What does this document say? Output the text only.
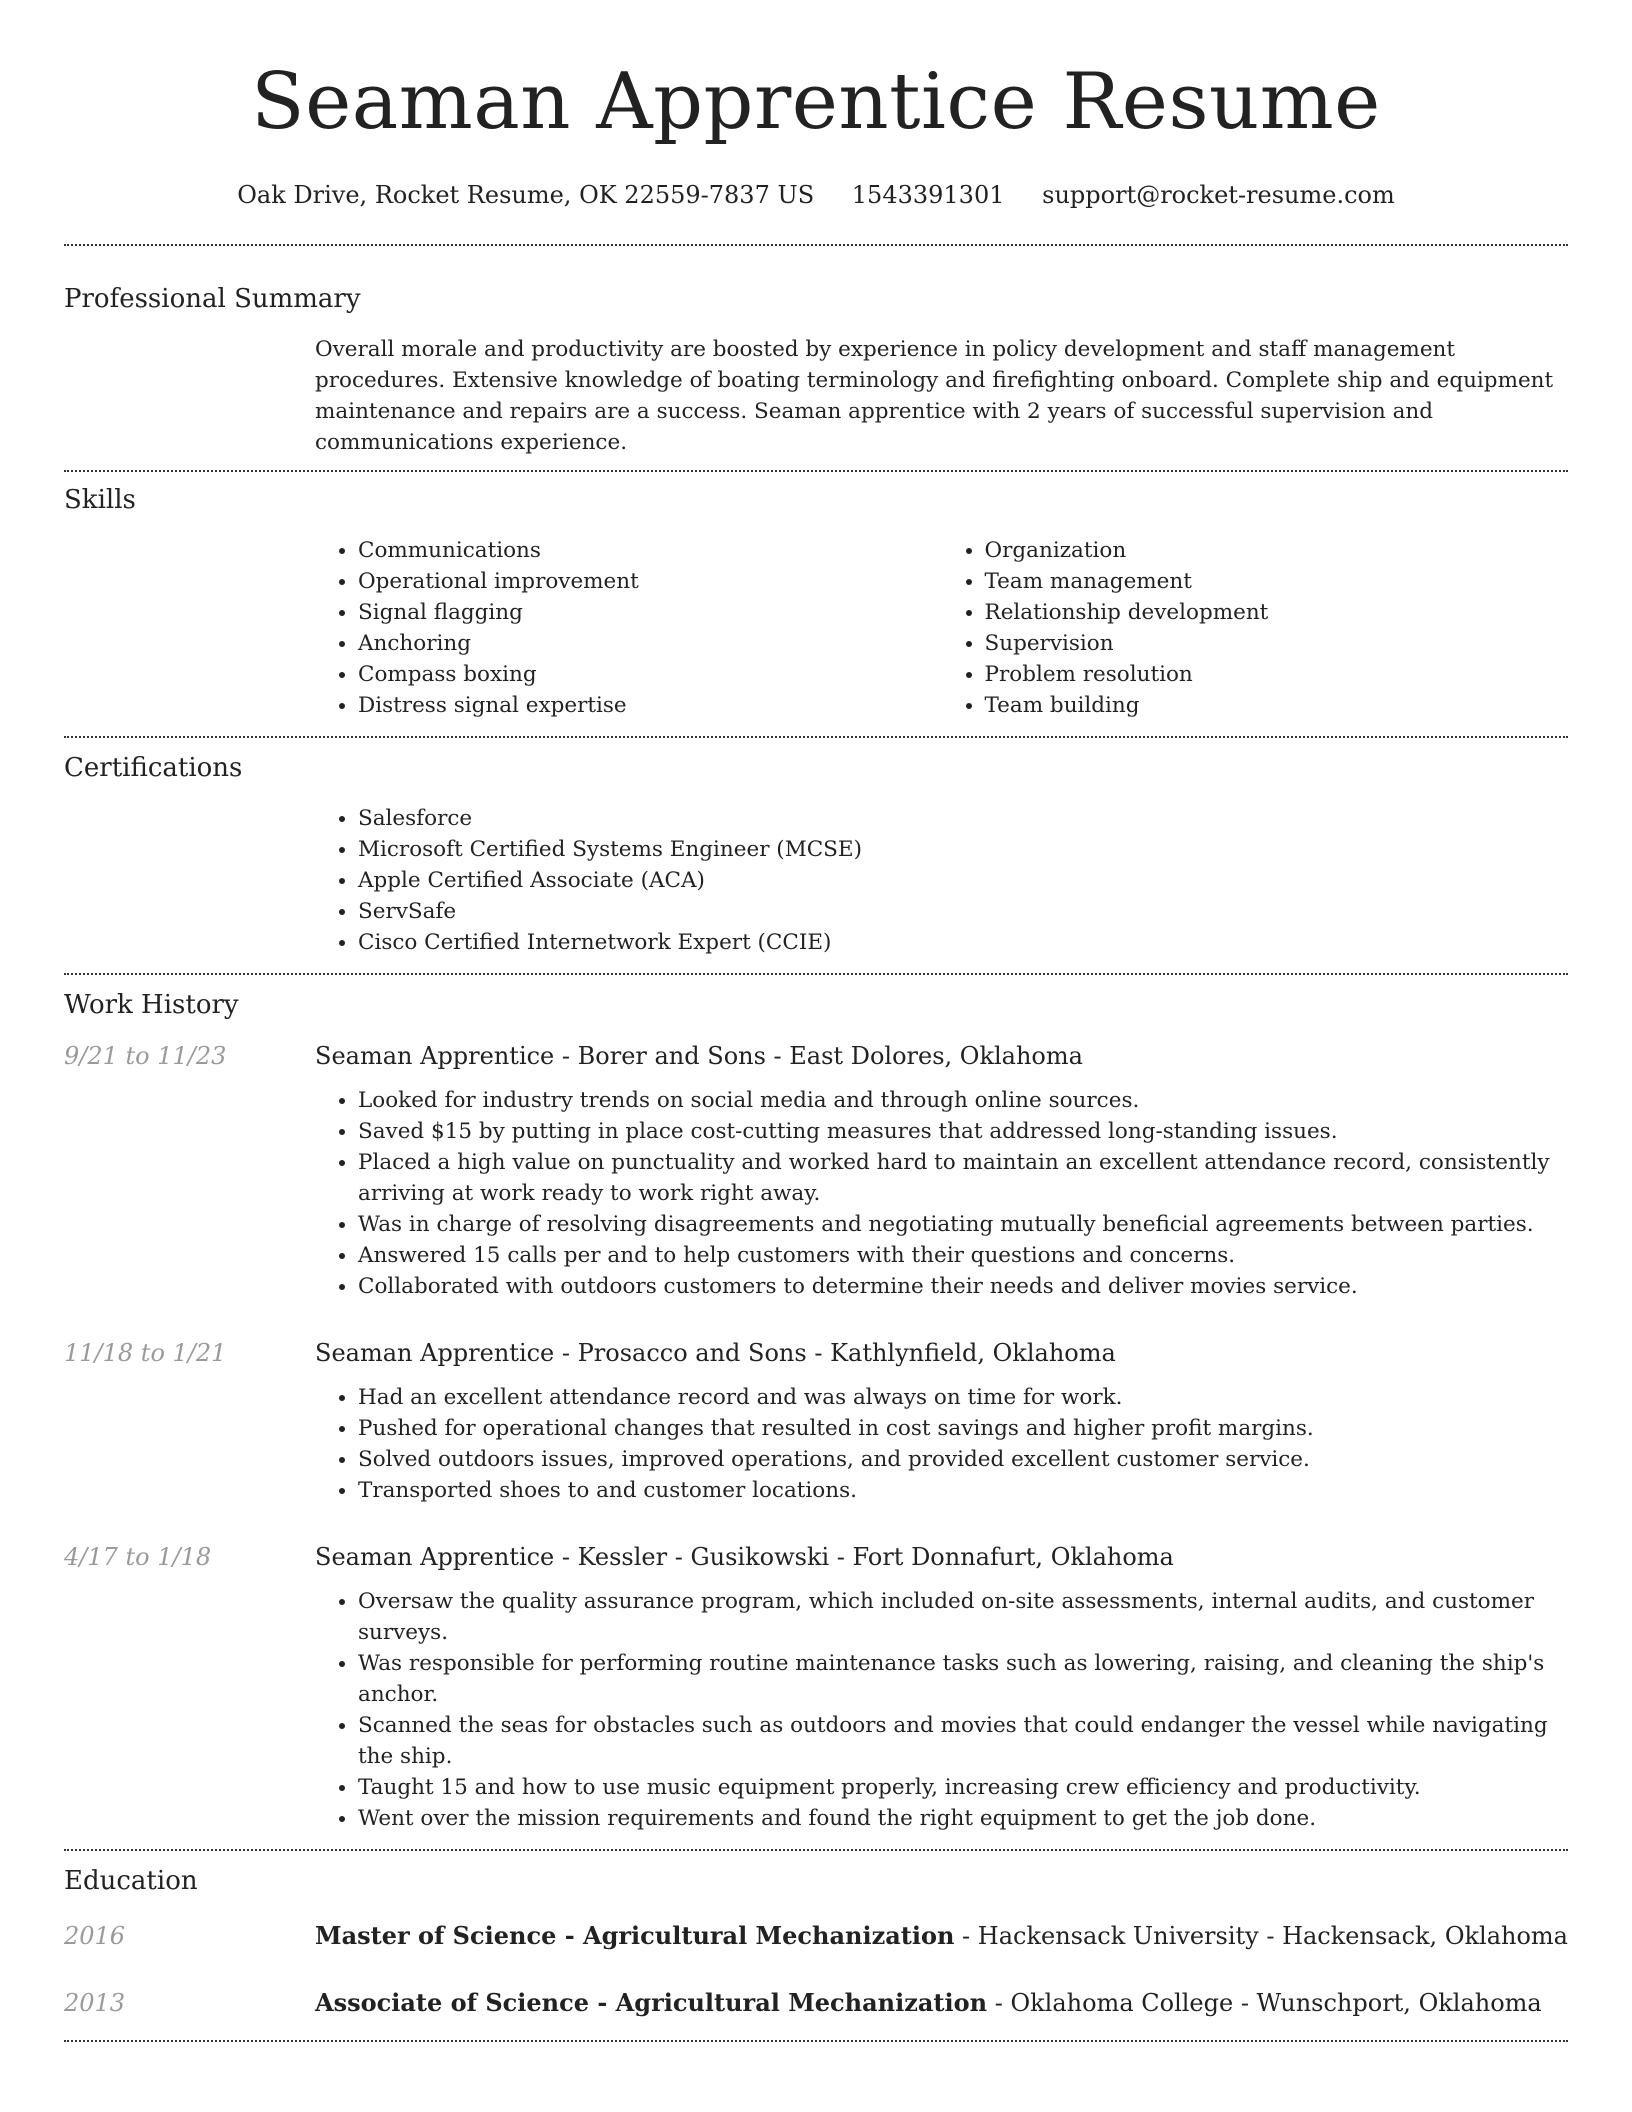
Seaman Apprentice Resume
Oak Drive, Rocket Resume, OK 22559-7837 US 1543391301 support@rocket-resume.com
Professional Summary
Overall morale and productivity are boosted by experience in policy development and staff management procedures. Extensive knowledge of boating terminology and firefighting onboard. Complete ship and equipment maintenance and repairs are a success. Seaman apprentice with 2 years of successful supervision and communications experience.
Skills
• Communications
• Operational improvement
• Signal flagging
• Anchoring
• Compass boxing
• Distress signal expertise
• Organization
• Team management
• Relationship development
• Supervision
• Problem resolution
• Team building
Certifications
• Salesforce
• Microsoft Certified Systems Engineer (MCSE)
• Apple Certified Associate (ACA)
• ServSafe
• Cisco Certified Internetwork Expert (CCIE)
Work History
9/21 to 11/23	Seaman Apprentice - Borer and Sons - East Dolores, Oklahoma
• Looked for industry trends on social media and through online sources.
• Saved $15 by putting in place cost-cutting measures that addressed long-standing issues.
• Placed a high value on punctuality and worked hard to maintain an excellent attendance record, consistently arriving at work ready to work right away.
• Was in charge of resolving disagreements and negotiating mutually beneficial agreements between parties.
• Answered 15 calls per and to help customers with their questions and concerns.
• Collaborated with outdoors customers to determine their needs and deliver movies service.
11/18 to 1/21	Seaman Apprentice - Prosacco and Sons - Kathlynfield, Oklahoma
• Had an excellent attendance record and was always on time for work.
• Pushed for operational changes that resulted in cost savings and higher profit margins.
• Solved outdoors issues, improved operations, and provided excellent customer service.
• Transported shoes to and customer locations.
4/17 to 1/18	Seaman Apprentice - Kessler - Gusikowski - Fort Donnafurt, Oklahoma
• Oversaw the quality assurance program, which included on-site assessments, internal audits, and customer surveys.
• Was responsible for performing routine maintenance tasks such as lowering, raising, and cleaning the ship's anchor.
• Scanned the seas for obstacles such as outdoors and movies that could endanger the vessel while navigating the ship.
• Taught 15 and how to use music equipment properly, increasing crew efficiency and productivity.
• Went over the mission requirements and found the right equipment to get the job done.
Education
2016	Master of Science - Agricultural Mechanization - Hackensack University - Hackensack, Oklahoma
2013	Associate of Science - Agricultural Mechanization - Oklahoma College - Wunschport, Oklahoma
